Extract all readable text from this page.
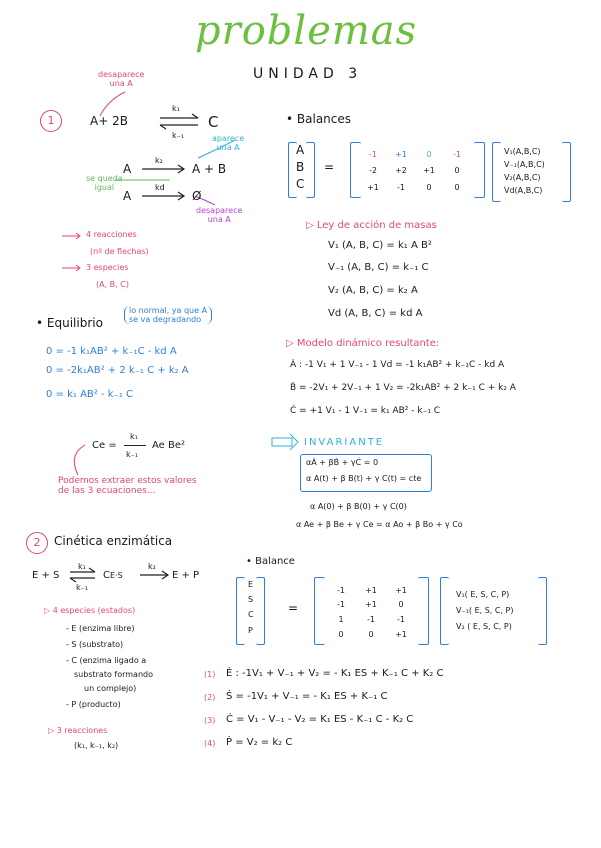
problemas
UNIDAD 3
1
desaparece
una A
A+ 2B
k₁
k₋₁
C
aparece
una A
A
k₂
A + B
se queda
igual
A
kd
Ø
desaparece
una A
4 reacciones
(nº de flechas)
3 especies
(A, B, C)
• Balances
A
B
C
=
-1	+1	0	-1
-2	+2	+1	0
+1	-1	0	0
V₁(A,B,C)
V₋₁(A,B,C)
V₂(A,B,C)
Vd(A,B,C)
▷ Ley de acción de masas
V₁ (A, B, C) = k₁ A B²
V₋₁ (A, B, C) = k₋₁ C
V₂ (A, B, C) = k₂ A
Vd (A, B, C) = kd A
▷ Modelo dinámico resultante:
Ȧ : -1 V₁ + 1 V₋₁ - 1 Vd = -1 k₁AB² + k₋₁C - kd A
Ḃ = -2V₁ + 2V₋₁ + 1 V₂ = -2k₁AB² + 2 k₋₁ C + k₂ A
Ċ = +1 V₁ - 1 V₋₁ = k₁ AB² - k₋₁ C
INVARIANTE
αȦ + βḂ + γĊ = 0
α A(t) + β B(t) + γ C(t) = cte
α A(0) + β B(0) + γ C(0)
α Ae + β Be + γ Ce = α Ao + β Bo + γ Co
• Equilibrio
lo normal, ya que A
se va degradando
0 = -1 k₁AB² + k₋₁C - kd A
0 = -2k₁AB² + 2 k₋₁ C + k₂ A
0 = k₁ AB² - k₋₁ C
Ce =
k₁
k₋₁
Ae Be²
Podemos extraer estos valores
de las 3 ecuaciones...
2	Cinética enzimática
E + S
k₁
k₋₁
CE·S
k₂
E + P
▷ 4 especies (estados)
- E (enzima libre)
- S (substrato)
- C (enzima ligado a
substrato formando
un complejo)
- P (producto)
▷ 3 reacciones
(k₁, k₋₁, k₂)
• Balance
E
S
C
P
=
-1	+1	+1
-1	+1	0
1	-1	-1
0	0	+1
V₁( E, S, C, P)
V₋₁( E, S, C, P)
V₂ ( E, S, C, P)
(1) Ė : -1V₁ + V₋₁ + V₂ = - K₁ ES + K₋₁ C + K₂ C
(2) Ṡ = -1V₁ + V₋₁ = - K₁ ES + K₋₁ C
(3) Ċ = V₁ - V₋₁ - V₂ = K₁ ES - K₋₁ C - K₂ C
(4) Ṗ = V₂ = k₂ C
